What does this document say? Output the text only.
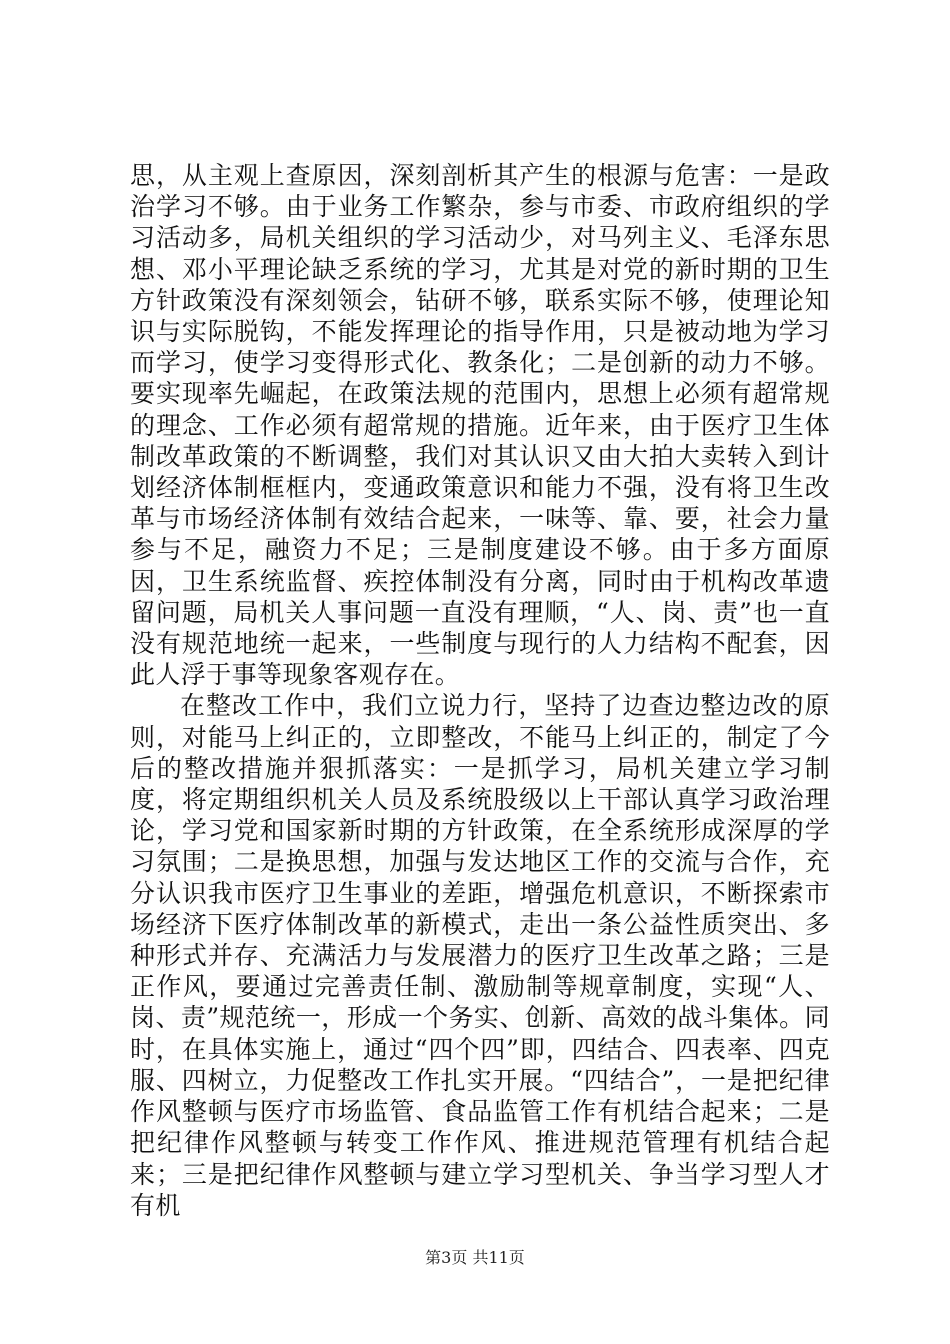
思，从主观上查原因，深刻剖析其产生的根源与危害：一是政治学习不够。由于业务工作繁杂，参与市委、市政府组织的学习活动多，局机关组织的学习活动少，对马列主义、毛泽东思想、邓小平理论缺乏系统的学习，尤其是对党的新时期的卫生方针政策没有深刻领会，钻研不够，联系实际不够，使理论知识与实际脱钩，不能发挥理论的指导作用，只是被动地为学习而学习，使学习变得形式化、教条化；二是创新的动力不够。要实现率先崛起，在政策法规的范围内，思想上必须有超常规的理念、工作必须有超常规的措施。近年来，由于医疗卫生体制改革政策的不断调整，我们对其认识又由大拍大卖转入到计划经济体制框框内，变通政策意识和能力不强，没有将卫生改革与市场经济体制有效结合起来，一味等、靠、要，社会力量参与不足，融资力不足；三是制度建设不够。由于多方面原因，卫生系统监督、疾控体制没有分离，同时由于机构改革遗留问题，局机关人事问题一直没有理顺，“人、岗、责”也一直没有规范地统一起来，一些制度与现行的人力结构不配套，因此人浮于事等现象客观存在。

在整改工作中，我们立说力行，坚持了边查边整边改的原则，对能马上纠正的，立即整改，不能马上纠正的，制定了今后的整改措施并狠抓落实：一是抓学习，局机关建立学习制度，将定期组织机关人员及系统股级以上干部认真学习政治理论，学习党和国家新时期的方针政策，在全系统形成深厚的学习氛围；二是换思想，加强与发达地区工作的交流与合作，充分认识我市医疗卫生事业的差距，增强危机意识，不断探索市场经济下医疗体制改革的新模式，走出一条公益性质突出、多种形式并存、充满活力与发展潜力的医疗卫生改革之路；三是正作风，要通过完善责任制、激励制等规章制度，实现“人、岗、责”规范统一，形成一个务实、创新、高效的战斗集体。同时，在具体实施上，通过“四个四”即，四结合、四表率、四克服、四树立，力促整改工作扎实开展。“四结合”，一是把纪律作风整顿与医疗市场监管、食品监管工作有机结合起来；二是把纪律作风整顿与转变工作作风、推进规范管理有机结合起来；三是把纪律作风整顿与建立学习型机关、争当学习型人才有机

第3页 共11页
